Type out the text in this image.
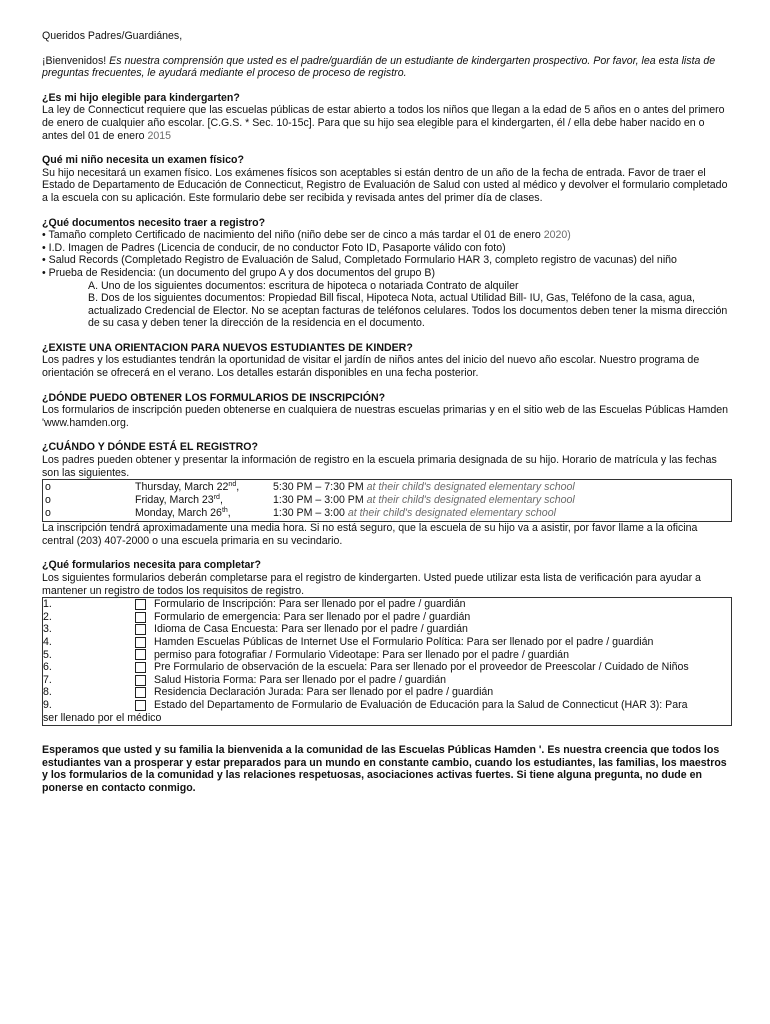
Queridos Padres/Guardiánes,

¡Bienvenidos! Es nuestra comprensión que usted es el padre/guardián de un estudiante de kindergarten prospectivo. Por favor, lea esta lista de preguntas frecuentes, le ayudará mediante el proceso de proceso de registro.

¿Es mi hijo elegible para kindergarten?

La ley de Connecticut requiere que las escuelas públicas de estar abierto a todos los niños que llegan a la edad de 5 años en o antes del primero de enero de cualquier año escolar. [C.G.S. * Sec. 10-15c]. Para que su hijo sea elegible para el kindergarten, él / ella debe haber nacido en o antes del 01 de enero 2015

Qué mi niño necesita un examen físico?

Su hijo necesitará un examen físico. Los exámenes físicos son aceptables si están dentro de un año de la fecha de entrada. Favor de traer el Estado de Departamento de Educación de Connecticut, Registro de Evaluación de Salud con usted al médico y devolver el formulario completado a la escuela con su aplicación. Este formulario debe ser recibida y revisada antes del primer día de clases.

¿Qué documentos necesito traer a registro?

• Tamaño completo Certificado de nacimiento del niño (niño debe ser de cinco a más tardar el 01 de enero 2020)

• I.D. Imagen de Padres (Licencia de conducir, de no conductor Foto ID, Pasaporte válido con foto)

• Salud Records (Completado Registro de Evaluación de Salud, Completado Formulario HAR 3, completo registro de vacunas) del niño

• Prueba de Residencia: (un documento del grupo A y dos documentos del grupo B)

A. Uno de los siguientes documentos: escritura de hipoteca o notariada Contrato de alquiler

B. Dos de los siguientes documentos: Propiedad Bill fiscal, Hipoteca Nota, actual Utilidad Bill- IU, Gas, Teléfono de la casa, agua, actualizado Credencial de Elector. No se aceptan facturas de teléfonos celulares. Todos los documentos deben tener la misma dirección de su casa y deben tener la dirección de la residencia en el documento.

¿EXISTE UNA ORIENTACION PARA NUEVOS ESTUDIANTES DE KINDER?

Los padres y los estudiantes tendrán la oportunidad de visitar el jardín de niños antes del inicio del nuevo año escolar. Nuestro programa de orientación se ofrecerá en el verano. Los detalles estarán disponibles en una fecha posterior.

¿DÓNDE PUEDO OBTENER LOS FORMULARIOS DE INSCRIPCIÓN?

Los formularios de inscripción pueden obtenerse en cualquiera de nuestras escuelas primarias y en el sitio web de las Escuelas Públicas Hamden 'www.hamden.org.

¿CUÁNDO Y DÓNDE ESTÁ EL REGISTRO?

Los padres pueden obtener y presentar la información de registro en la escuela primaria designada de su hijo. Horario de matrícula y las fechas son las siguientes.

o	Thursday, March 22nd,	5:30 PM – 7:30 PM at their child's designated elementary school
o	Friday, March 23rd,	1:30 PM – 3:00 PM at their child's designated elementary school
o	Monday, March 26th,	1:30 PM – 3:00 at their child's designated elementary school

La inscripción tendrá aproximadamente una media hora. Si no está seguro, que la escuela de su hijo va a asistir, por favor llame a la oficina central (203) 407-2000 o una escuela primaria en su vecindario.

¿Qué formularios necesita para completar?

Los siguientes formularios deberán completarse para el registro de kindergarten. Usted puede utilizar esta lista de verificación para ayudar a mantener un registro de todos los requisitos de registro.

1.	Formulario de Inscripción: Para ser llenado por el padre / guardián
2.	Formulario de emergencia: Para ser llenado por el padre / guardián
3.	Idioma de Casa Encuesta: Para ser llenado por el padre / guardián
4.	Hamden Escuelas Públicas de Internet Use el Formulario Política: Para ser llenado por el padre / guardián
5.	permiso para fotografiar / Formulario Videotape: Para ser llenado por el padre / guardián
6.	Pre Formulario de observación de la escuela: Para ser llenado por el proveedor de Preescolar / Cuidado de Niños
7.	Salud Historia Forma: Para ser llenado por el padre / guardián
8.	Residencia Declaración Jurada: Para ser llenado por el padre / guardián
9.	Estado del Departamento de Formulario de Evaluación de Educación para la Salud de Connecticut (HAR 3): Para

ser llenado por el médico

Esperamos que usted y su familia la bienvenida a la comunidad de las Escuelas Públicas Hamden '. Es nuestra creencia que todos los estudiantes van a prosperar y estar preparados para un mundo en constante cambio, cuando los estudiantes, las familias, los maestros y los formularios de la comunidad y las relaciones respetuosas, asociaciones activas fuertes. Si tiene alguna pregunta, no dude en ponerse en contacto conmigo.
